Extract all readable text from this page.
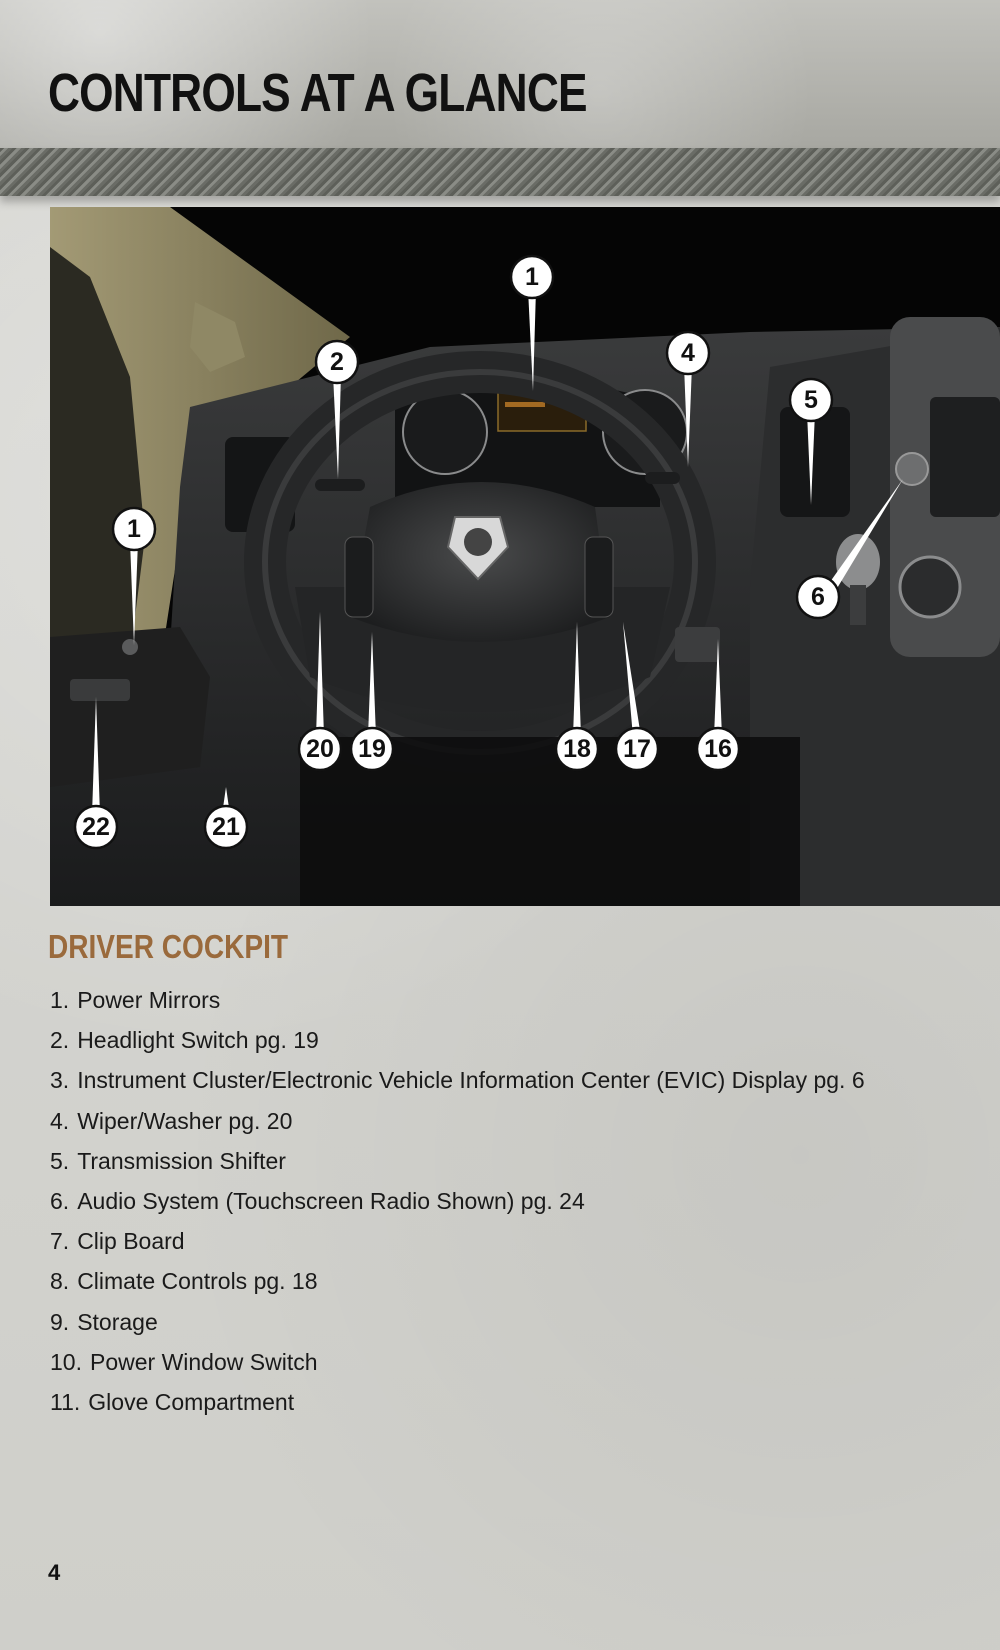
CONTROLS AT A GLANCE
1
1
2	4
5
6
16
17
18
19
20
21
22
DRIVER COCKPIT
1. Power Mirrors
2. Headlight Switch pg. 19
3. Instrument Cluster/Electronic Vehicle Information Center (EVIC) Display pg. 6
4. Wiper/Washer pg. 20
5. Transmission Shifter
6. Audio System (Touchscreen Radio Shown) pg. 24
7. Clip Board
8. Climate Controls pg. 18
9. Storage
10. Power Window Switch
11. Glove Compartment
4
